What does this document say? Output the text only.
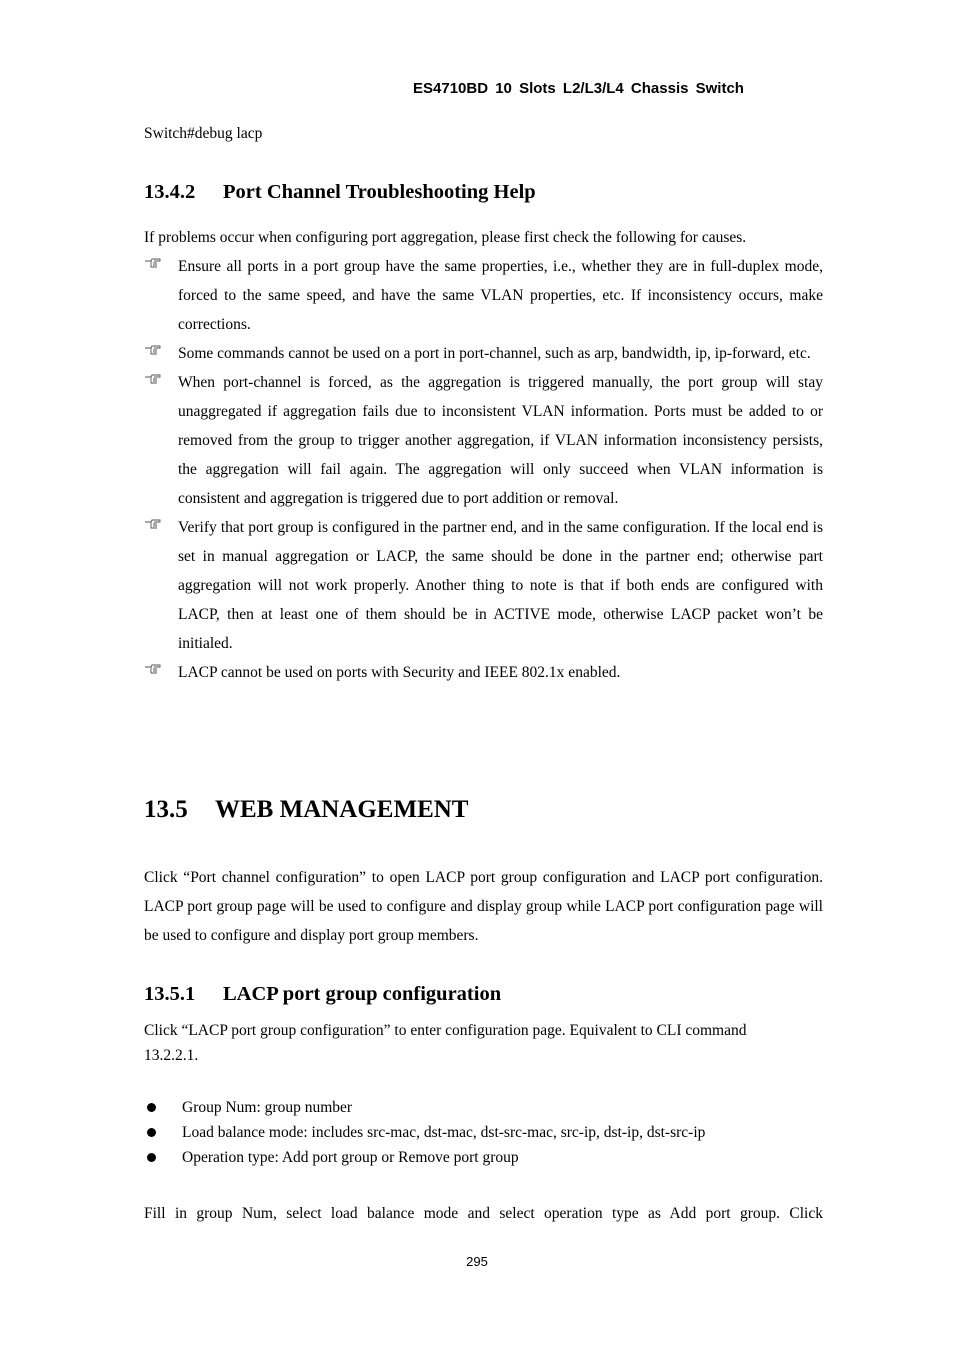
ES4710BD 10 Slots L2/L3/L4 Chassis Switch
Switch#debug lacp
13.4.2 Port Channel Troubleshooting Help
If problems occur when configuring port aggregation, please first check the following for causes.
Ensure all ports in a port group have the same properties, i.e., whether they are in full-duplex mode, forced to the same speed, and have the same VLAN properties, etc. If inconsistency occurs, make corrections.
Some commands cannot be used on a port in port-channel, such as arp, bandwidth, ip, ip-forward, etc.
When port-channel is forced, as the aggregation is triggered manually, the port group will stay unaggregated if aggregation fails due to inconsistent VLAN information. Ports must be added to or removed from the group to trigger another aggregation, if VLAN information inconsistency persists, the aggregation will fail again. The aggregation will only succeed when VLAN information is consistent and aggregation is triggered due to port addition or removal.
Verify that port group is configured in the partner end, and in the same configuration. If the local end is set in manual aggregation or LACP, the same should be done in the partner end; otherwise part aggregation will not work properly. Another thing to note is that if both ends are configured with LACP, then at least one of them should be in ACTIVE mode, otherwise LACP packet won’t be initialed.
LACP cannot be used on ports with Security and IEEE 802.1x enabled.
13.5 WEB MANAGEMENT
Click “Port channel configuration” to open LACP port group configuration and LACP port configuration. LACP port group page will be used to configure and display group while LACP port configuration page will be used to configure and display port group members.
13.5.1 LACP port group configuration
Click “LACP port group configuration” to enter configuration page. Equivalent to CLI command
13.2.2.1.
Group Num: group number
Load balance mode: includes src-mac, dst-mac, dst-src-mac, src-ip, dst-ip, dst-src-ip
Operation type: Add port group or Remove port group
Fill in group Num, select load balance mode and select operation type as Add port group. Click
295
